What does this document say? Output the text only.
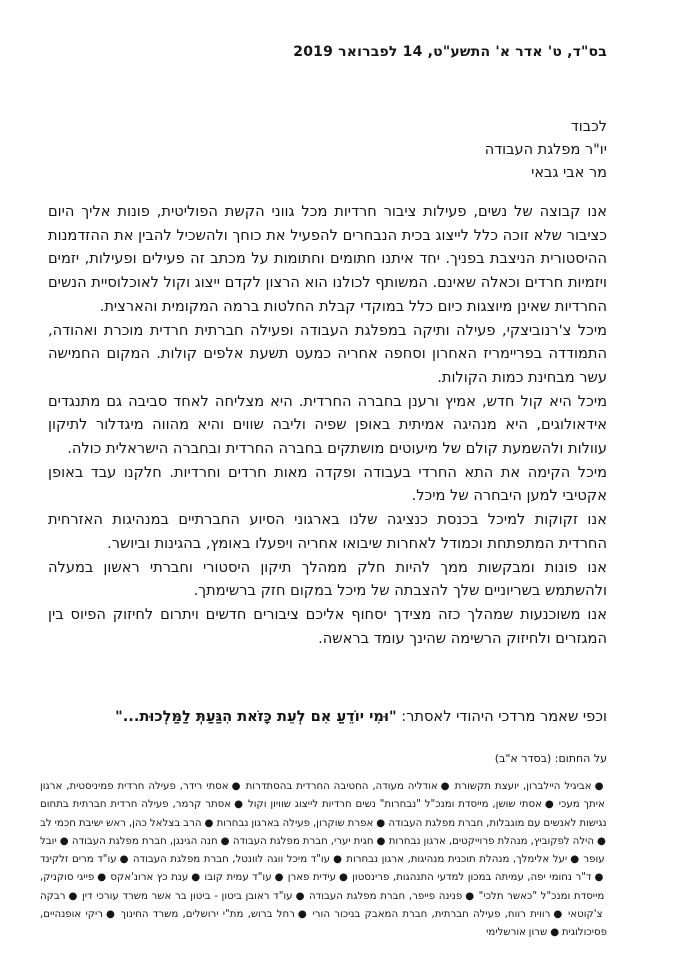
בס"ד, ט' אדר א' התשע"ט, 14 לפברואר 2019
לכבוד
יו"ר מפלגת העבודה
מר אבי גבאי

אנו קבוצה של נשים, פעילות ציבור חרדיות מכל גווני הקשת הפוליטית, פונות אליך היום כציבור שלא זוכה כלל לייצוג בכית הנבחרים להפעיל את כוחך ולהשכיל להבין את ההזדמנות ההיסטורית הניצבת בפניך. יחד איתנו חתומים וחתומות על מכתב זה פעילים ופעילות, יזמים ויזמיות חרדים וכאלה שאינם. המשותף לכולנו הוא הרצון לקדם ייצוג וקול לאוכלוסיית הנשים החרדיות שאינן מיוצגות כיום כלל במוקדי קבלת החלטות ברמה המקומית והארצית.

מיכל צ'רנוביצקי, פעילה ותיקה במפלגת העבודה ופעילה חברתית חרדית מוכרת ואהודה, התמודדה בפריימריז האחרון וסחפה אחריה כמעט תשעת אלפים קולות. המקום החמישה עשר מבחינת כמות הקולות.

מיכל היא קול חדש, אמיץ ורענן בחברה החרדית. היא מצליחה לאחד סביבה גם מתנגדים אידאולוגים, היא מנהיגה אמיתית באופן שפיה וליבה שווים והיא מהווה מיגדלור לתיקון עוולות ולהשמעת קולם של מיעוטים מושתקים בחברה החרדית ובחברה הישראלית כולה.

מיכל הקימה את התא החרדי בעבודה ופקדה מאות חרדים וחרדיות. חלקנו עבד באופן אקטיבי למען היבחרה של מיכל.

אנו זקוקות למיכל בכנסת כנציגה שלנו בארגוני הסיוע החברתיים במנהיגות האזרחית החרדית המתפתחת וכמודל לאחרות שיבואו אחריה ויפעלו באומץ, בהגינות וביושר.

אנו פונות ומבקשות ממך להיות חלק ממהלך תיקון היסטורי וחברתי ראשון במעלה ולהשתמש בשריוניים שלך להצבתה של מיכל במקום חזק ברשימתך.

אנו משוכנעות שמהלך כזה מצידך יסחוף אליכם ציבורים חדשים ויתרום לחיזוק הפיוס בין המגזרים ולחיזוק הרשימה שהינך עומד בראשה.

וכפי שאמר מרדכי היהודי לאסתר: "וּמִי יוֹדֵעַ אִם לְעֵת כָּזֹאת הִגַּעַתְּ לַמַּלְכוּת..."
על החתום: (בסדר א"ב)
●אביגיל היילברון, יועצת תקשורת ●אודליה מעודה, החטיבה החרדית בהסתדרות ●אסתי רידר, פעילה חרדית פמיניסטית, ארגון איתך מעכי ●אסתי שושן, מייסדת ומנכ"ל "נבחרות" נשים חרדיות לייצוג שוויון וקול ●אסתר קרמר, פעילה חרדית חברתית בתחום נגישות לאנשים עם מוגבלות, חברת מפלגת העבודה ●אפרת שוקרון, פעילה בארגון נבחרות ●הרב בצלאל כהן, ראש ישיבת חכמי לב ●הילה לפקוביץ, מנהלת פרוייקטים, ארגון נבחרות ●חגית יערי, חברת מפלגת העבודה ●חנה הגינגן, חברת מפלגת העבודה ●יובל עופר ●יעל אלימלך, מנהלת תוכנית מנהיגות, ארגון נבחרות ●עו"ד מיכל ווגה לוונטל, חברת מפלגת העבודה ●עו"ד מרים זלקינד ●ד"ר נחומי יפה, עמיתה במכון למדעי התנהגות, פרינסטון ●עידית פארן ●עו"ד עמית קובו ●ענת כץ ארונ'אקס ●פייגי סוקניק, מייסדת ומנכ"ל "כאשר תלכי" ●פנינה פייפר, חברת מפלגת העבודה ●עו"ד ראובן ביטון - ביטון בר אשר משרד עורכי דין ●רבקה צ'קוטאי ●רווית רווח, פעילה חברתית, חברת המאבק בניכור הורי ●רחל ברוש, מת"י ירושלים, משרד החינוך ●ריקי אופנהיים, פסיכולוגית ●שרון אורשלימי
